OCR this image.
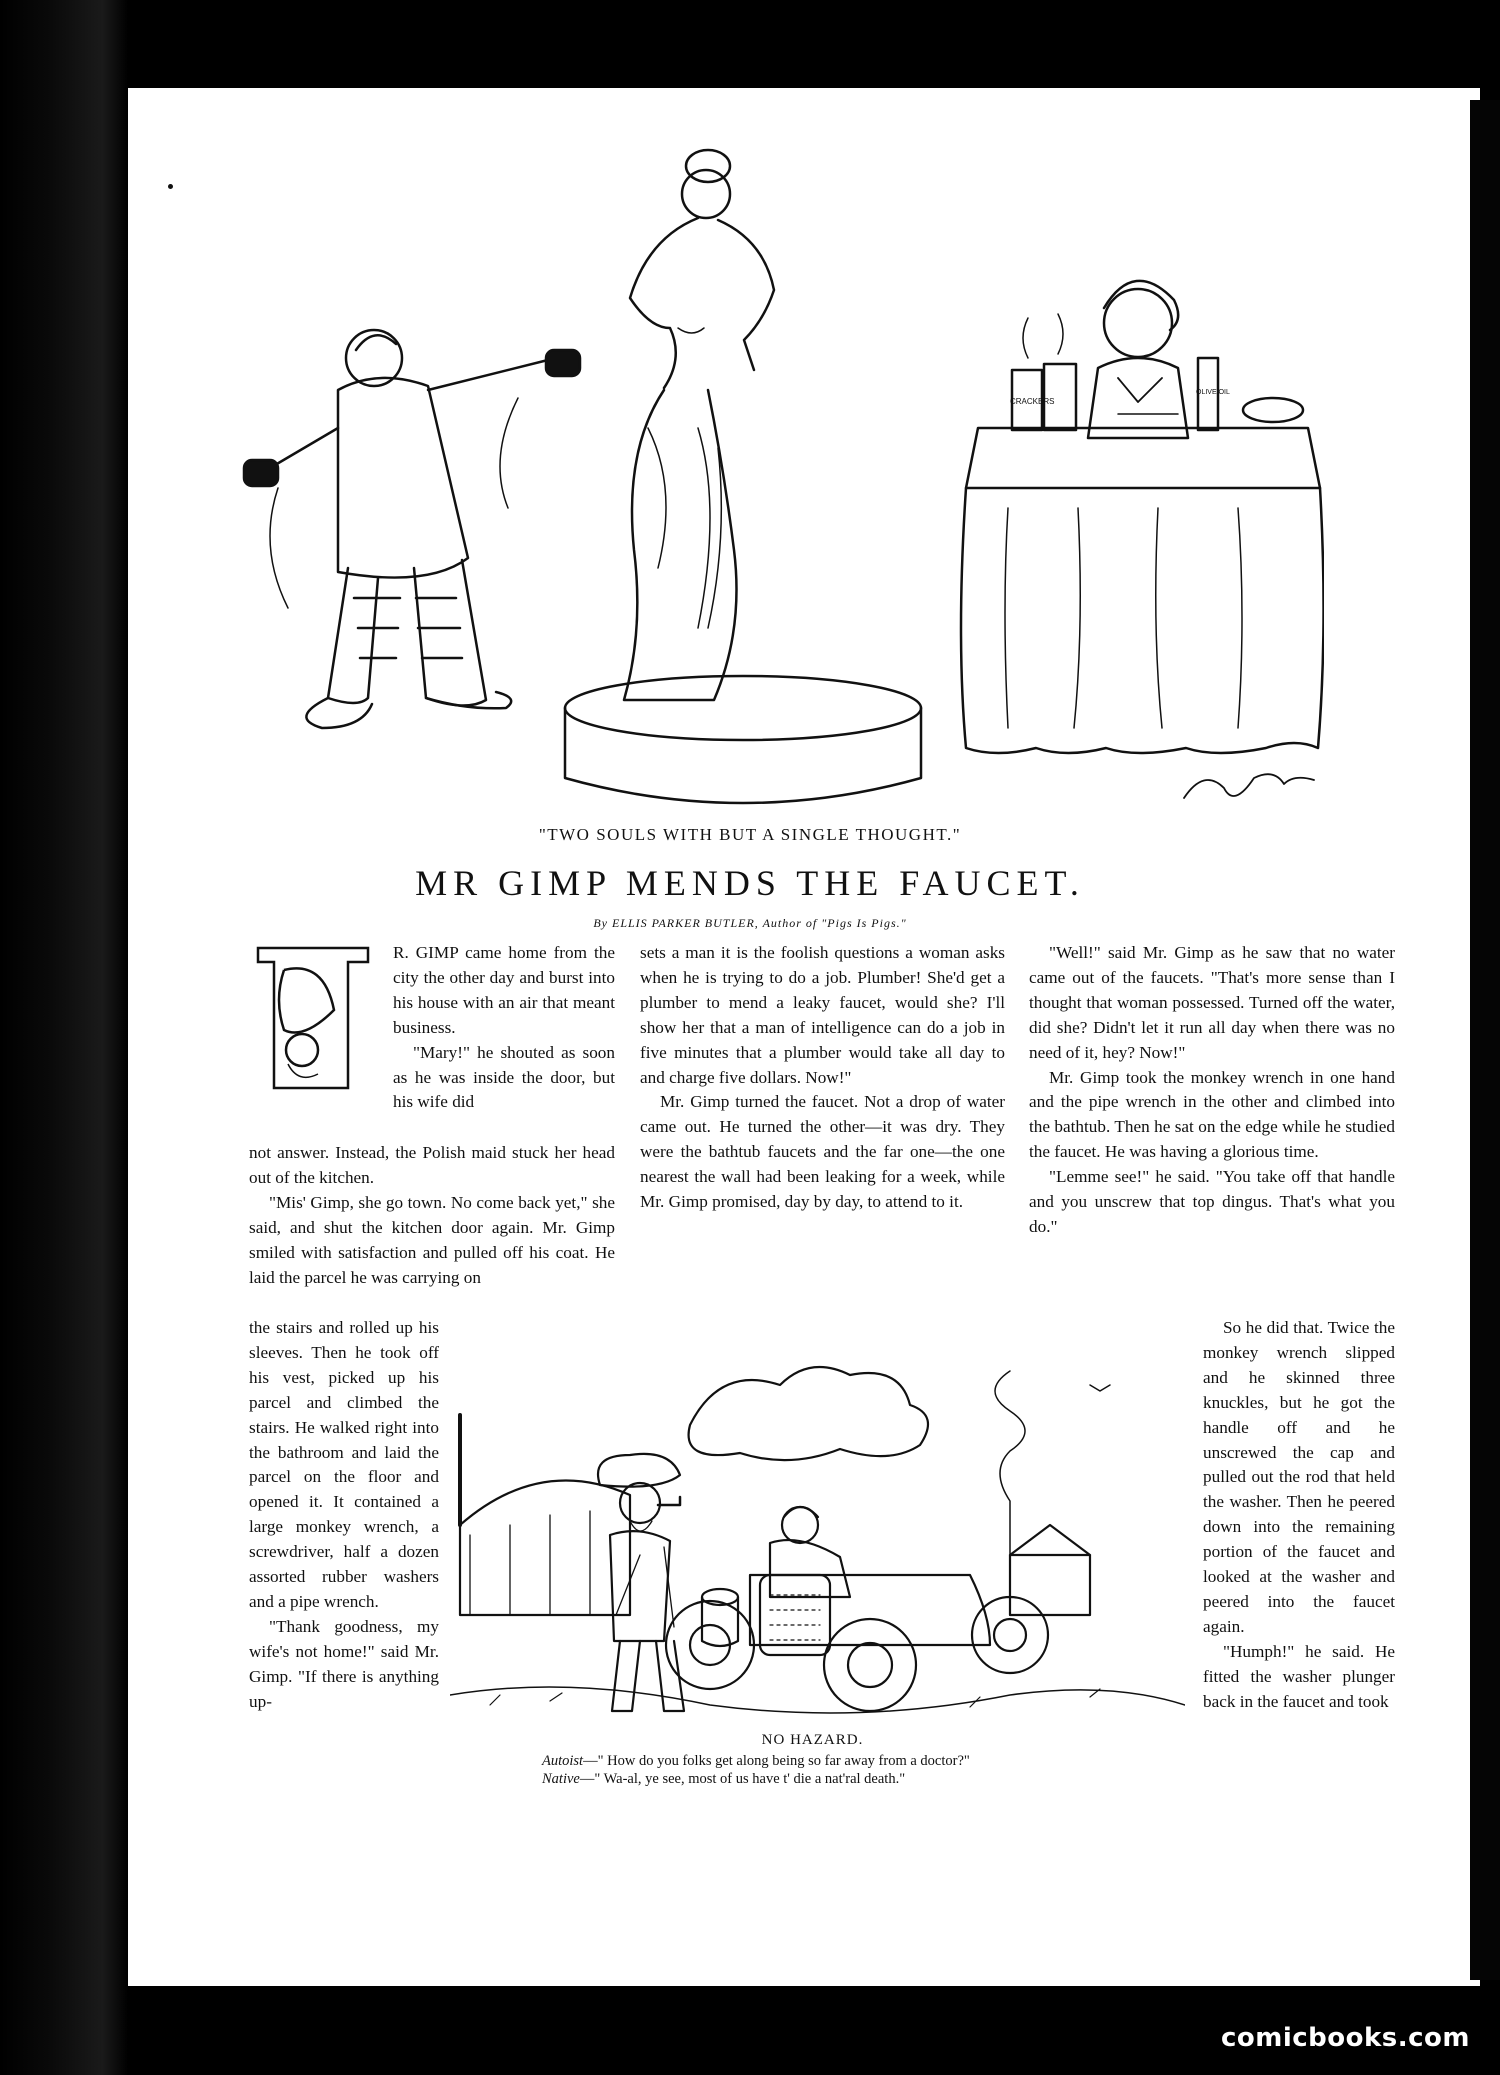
CRACKERS
OLIVE OIL
"TWO SOULS WITH BUT A SINGLE THOUGHT."
MR GIMP MENDS THE FAUCET.
By ELLIS PARKER BUTLER, Author of "Pigs Is Pigs."

R. GIMP came home from the city the other day and burst into his house with an air that meant business.

"Mary!" he shouted as soon as he was inside the door, but his wife did

not answer. Instead, the Polish maid stuck her head out of the kitchen.

"Mis' Gimp, she go town. No come back yet," she said, and shut the kitchen door again. Mr. Gimp smiled with satisfaction and pulled off his coat. He laid the parcel he was carrying on

the stairs and rolled up his sleeves. Then he took off his vest, picked up his parcel and climbed the stairs. He walked right into the bathroom and laid the parcel on the floor and opened it. It contained a large monkey wrench, a screwdriver, half a dozen assorted rubber washers and a pipe wrench.

"Thank goodness, my wife's not home!" said Mr. Gimp. "If there is anything up-

sets a man it is the foolish questions a woman asks when he is trying to do a job. Plumber! She'd get a plumber to mend a leaky faucet, would she? I'll show her that a man of intelligence can do a job in five minutes that a plumber would take all day to and charge five dollars. Now!"

Mr. Gimp turned the faucet. Not a drop of water came out. He turned the other—it was dry. They were the bathtub faucets and the far one—the one nearest the wall had been leaking for a week, while Mr. Gimp promised, day by day, to attend to it.

"Well!" said Mr. Gimp as he saw that no water came out of the faucets. "That's more sense than I thought that woman possessed. Turned off the water, did she? Didn't let it run all day when there was no need of it, hey? Now!"

Mr. Gimp took the monkey wrench in one hand and the pipe wrench in the other and climbed into the bathtub. Then he sat on the edge while he studied the faucet. He was having a glorious time.

"Lemme see!" he said. "You take off that handle and you unscrew that top dingus. That's what you do."

So he did that. Twice the monkey wrench slipped and he skinned three knuckles, but he got the handle off and he unscrewed the cap and pulled out the rod that held the washer. Then he peered down into the remaining portion of the faucet and looked at the washer and peered into the faucet again.

"Humph!" he said. He fitted the washer plunger back in the faucet and took

NO HAZARD.
Autoist—" How do you folks get along being so far away from a doctor?"
Native—" Wa-al, ye see, most of us have t' die a nat'ral death."
comicbooks.com
